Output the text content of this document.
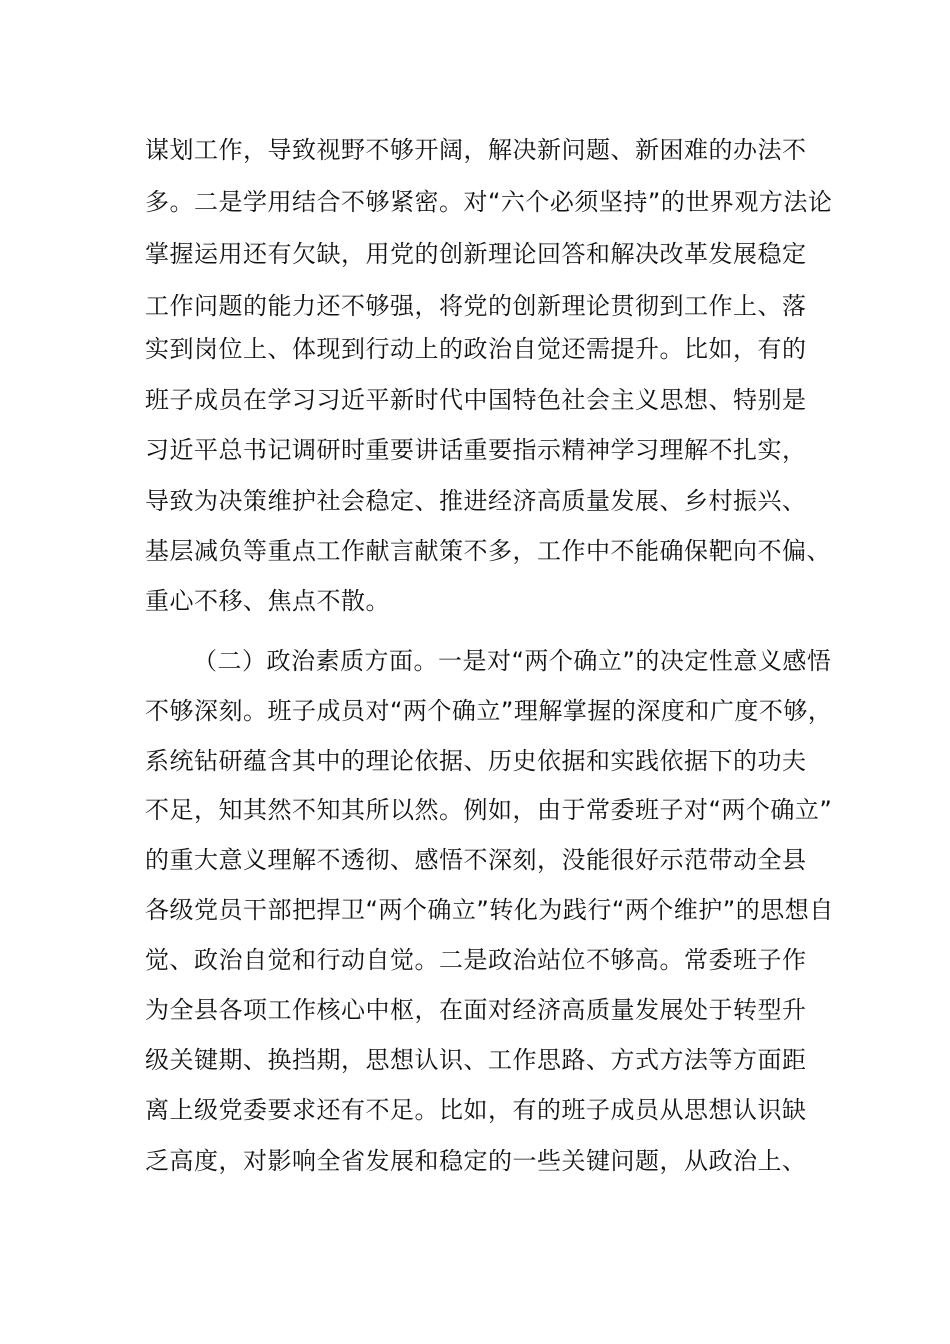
谋划工作，导致视野不够开阔，解决新问题、新困难的办法不
多。二是学用结合不够紧密。对“六个必须坚持”的世界观方法论
掌握运用还有欠缺，用党的创新理论回答和解决改革发展稳定
工作问题的能力还不够强，将党的创新理论贯彻到工作上、落
实到岗位上、体现到行动上的政治自觉还需提升。比如，有的
班子成员在学习习近平新时代中国特色社会主义思想、特别是
习近平总书记调研时重要讲话重要指示精神学习理解不扎实，
导致为决策维护社会稳定、推进经济高质量发展、乡村振兴、
基层减负等重点工作献言献策不多，工作中不能确保靶向不偏、
重心不移、焦点不散。
（二）政治素质方面。一是对“两个确立”的决定性意义感悟
不够深刻。班子成员对“两个确立”理解掌握的深度和广度不够，
系统钻研蕴含其中的理论依据、历史依据和实践依据下的功夫
不足，知其然不知其所以然。例如，由于常委班子对“两个确立”
的重大意义理解不透彻、感悟不深刻，没能很好示范带动全县
各级党员干部把捍卫“两个确立”转化为践行“两个维护”的思想自
觉、政治自觉和行动自觉。二是政治站位不够高。常委班子作
为全县各项工作核心中枢，在面对经济高质量发展处于转型升
级关键期、换挡期，思想认识、工作思路、方式方法等方面距
离上级党委要求还有不足。比如，有的班子成员从思想认识缺
乏高度，对影响全省发展和稳定的一些关键问题，从政治上、
